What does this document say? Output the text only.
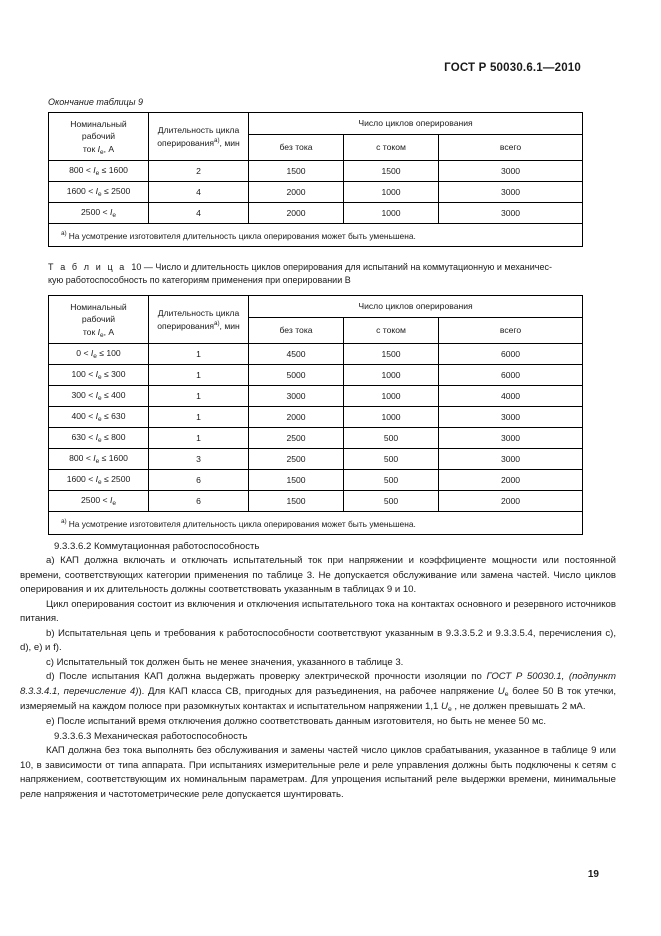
ГОСТ Р 50030.6.1—2010
Окончание таблицы 9
Номинальный рабочий
ток $I_e$, А	Длительность цикла
оперирования$^{a)}$, мин	Число циклов оперирования		
		без тока	с током	всего
$800 < I_e \le 1600$	2	1500	1500	3000
$1600 < I_e \le 2500$	4	2000	1000	3000
$2500 < I_e$	4	2000	1000	3000
$^{a)}$ На усмотрение изготовителя длительность цикла оперирования может быть уменьшена.				
Т а б л и ц а 10 — Число и длительность циклов оперирования для испытаний на коммутационную и механичес-
кую работоспособность по категориям применения при оперировании В
Номинальный рабочий
ток $I_e$, А	Длительность цикла
оперирования$^{a)}$, мин	Число циклов оперирования		
		без тока	с током	всего
$0 < I_e \le 100$	1	4500	1500	6000
$100 < I_e \le 300$	1	5000	1000	6000
$300 < I_e \le 400$	1	3000	1000	4000
$400 < I_e \le 630$	1	2000	1000	3000
$630 < I_e \le 800$	1	2500	500	3000
$800 < I_e \le 1600$	3	2500	500	3000
$1600 < I_e \le 2500$	6	1500	500	2000
$2500 < I_e$	6	1500	500	2000
$^{a)}$ На усмотрение изготовителя длительность цикла оперирования может быть уменьшена.				
9.3.3.6.2 Коммутационная работоспособность
а) КАП должна включать и отключать испытательный ток при напряжении и коэффициенте мощности или постоянной времени, соответствующих категории применения по таблице 3. Не допускается обслуживание или замена частей. Число циклов оперирования и их длительность должны соответствовать указанным в таблицах 9 и 10.
Цикл оперирования состоит из включения и отключения испытательного тока на контактах основного и резервного источников питания.
b) Испытательная цепь и требования к работоспособности соответствуют указанным в 9.3.3.5.2 и 9.3.3.5.4, перечисления с), d), е) и f).
c) Испытательный ток должен быть не менее значения, указанного в таблице 3.
d) После испытания КАП должна выдержать проверку электрической прочности изоляции по ГОСТ Р 50030.1, (подпункт 8.3.3.4.1, перечисление 4)). Для КАП класса СВ, пригодных для разъединения, на рабочее напряжение $U_e$ более 50 В ток утечки, измеряемый на каждом полюсе при разомкнутых контактах и испытательном напряжении 1,1 $U_e$ , не должен превышать 2 мА.
е) После испытаний время отключения должно соответствовать данным изготовителя, но быть не менее 50 мс.
9.3.3.6.3 Механическая работоспособность
КАП должна без тока выполнять без обслуживания и замены частей число циклов срабатывания, указанное в таблице 9 или 10, в зависимости от типа аппарата. При испытаниях измерительные реле и реле управления должны быть подключены к сетям с напряжением, соответствующим их номинальным параметрам. Для упрощения испытаний реле выдержки времени, минимальные реле напряжения и частотометрические реле допускается шунтировать.
19
